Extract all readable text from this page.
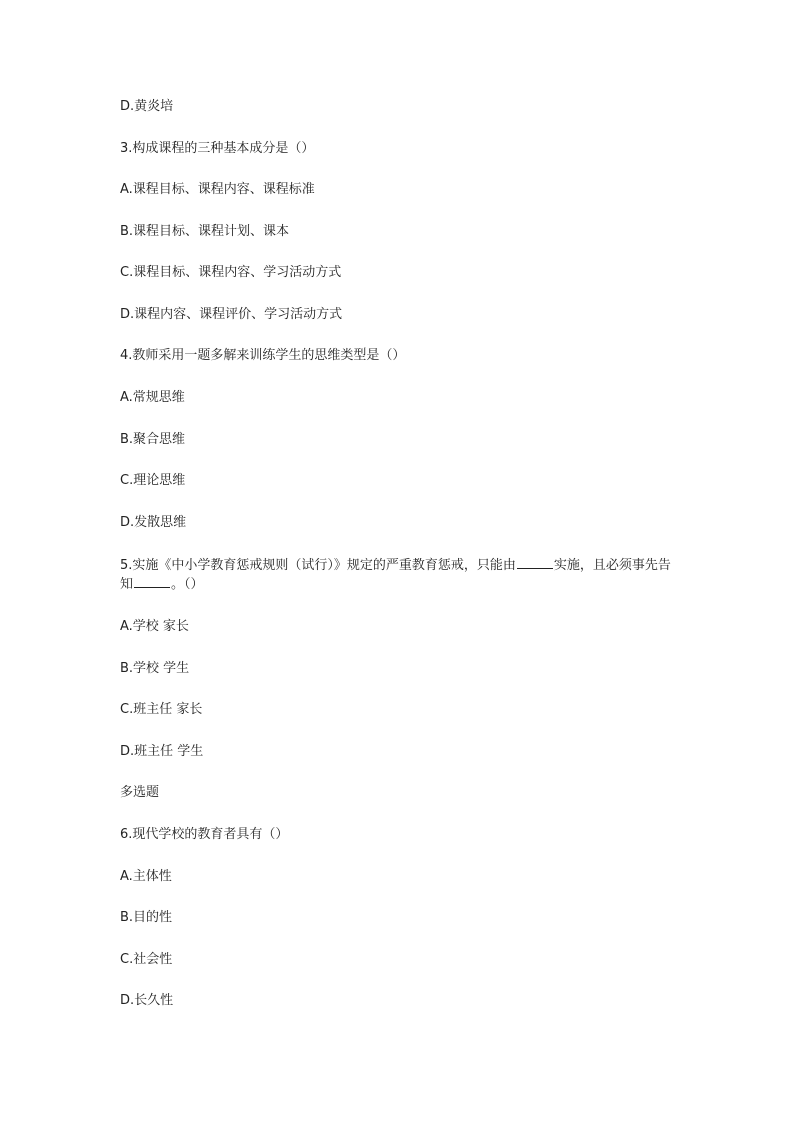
D.黄炎培
3.构成课程的三种基本成分是（）
A.课程目标、课程内容、课程标准
B.课程目标、课程计划、课本
C.课程目标、课程内容、学习活动方式
D.课程内容、课程评价、学习活动方式
4.教师采用一题多解来训练学生的思维类型是（）
A.常规思维
B.聚合思维
C.理论思维
D.发散思维
5.实施《中小学教育惩戒规则（试行）》规定的严重教育惩戒，只能由	实施，且必须事先告知	。（）
A.学校 家长
B.学校 学生
C.班主任 家长
D.班主任 学生
多选题
6.现代学校的教育者具有（）
A.主体性
B.目的性
C.社会性
D.长久性
